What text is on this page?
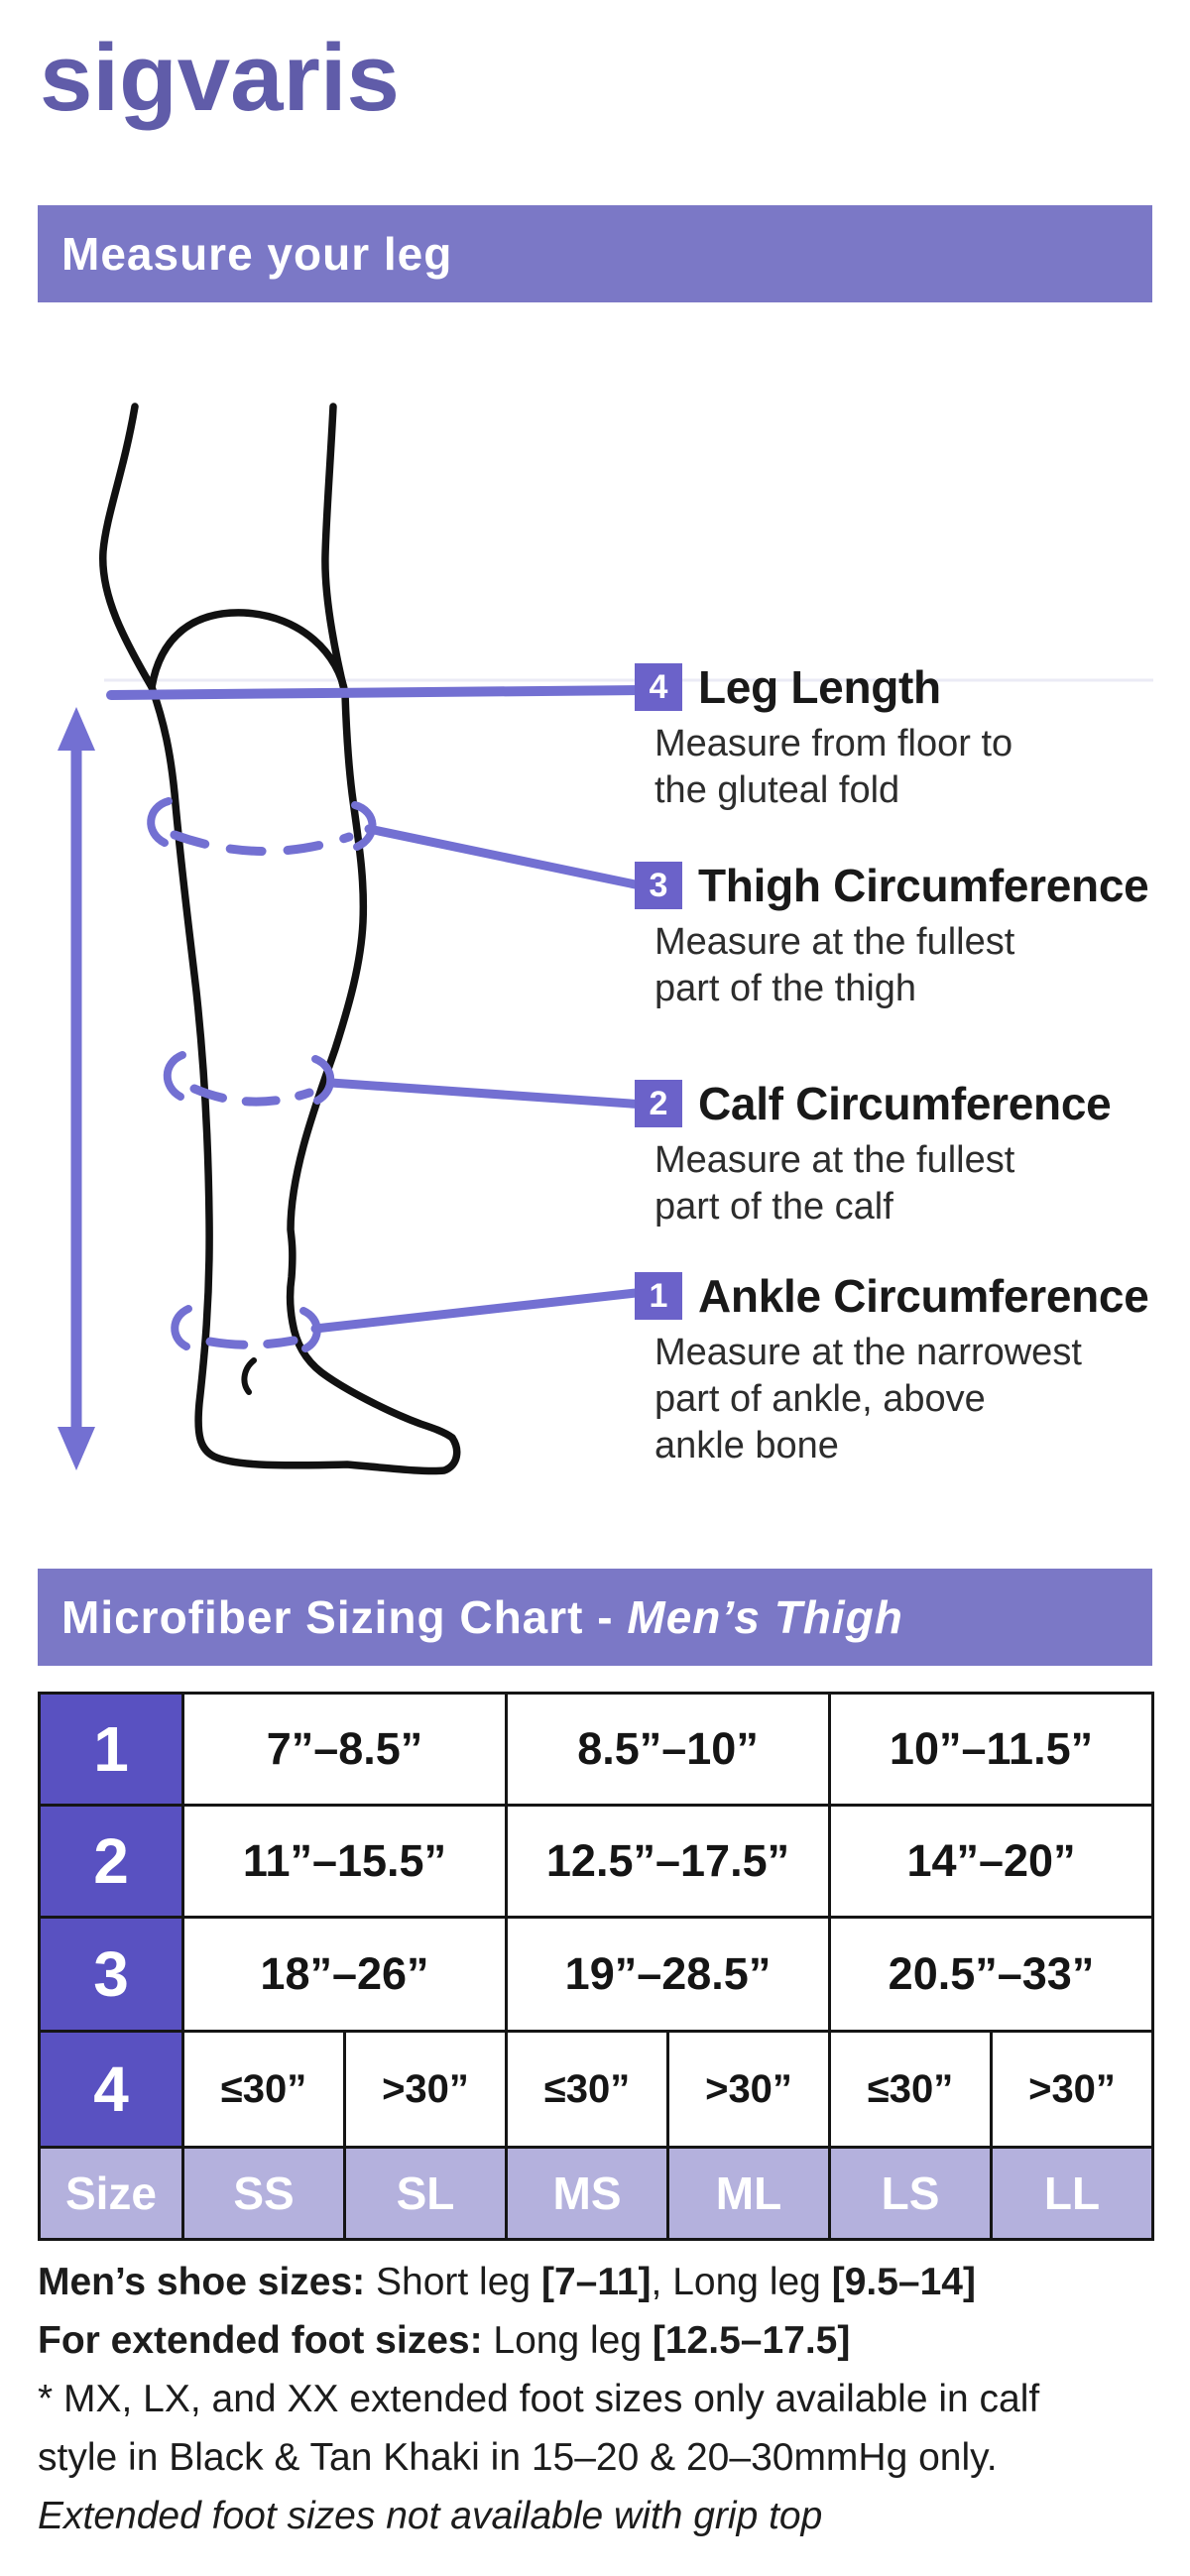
sigvaris
Measure your leg
4 Leg Length
Measure from floor to
the gluteal fold
3 Thigh Circumference
Measure at the fullest
part of the thigh
2 Calf Circumference
Measure at the fullest
part of the calf
1 Ankle Circumference
Measure at the narrowest
part of ankle, above
ankle bone
Microfiber Sizing Chart - Men’s Thigh
1	7”–8.5”		8.5”–10”		10”–11.5”	
2	11”–15.5”		12.5”–17.5”		14”–20”	
3	18”–26”		19”–28.5”		20.5”–33”	
4	≤30”	>30”	≤30”	>30”	≤30”	>30”
Size	SS	SL	MS	ML	LS	LL

Men’s shoe sizes: Short leg [7–11], Long leg [9.5–14]

For extended foot sizes: Long leg [12.5–17.5]

* MX, LX, and XX extended foot sizes only available in calf style in Black & Tan Khaki in 15–20 & 20–30mmHg only.

Extended foot sizes not available with grip top
